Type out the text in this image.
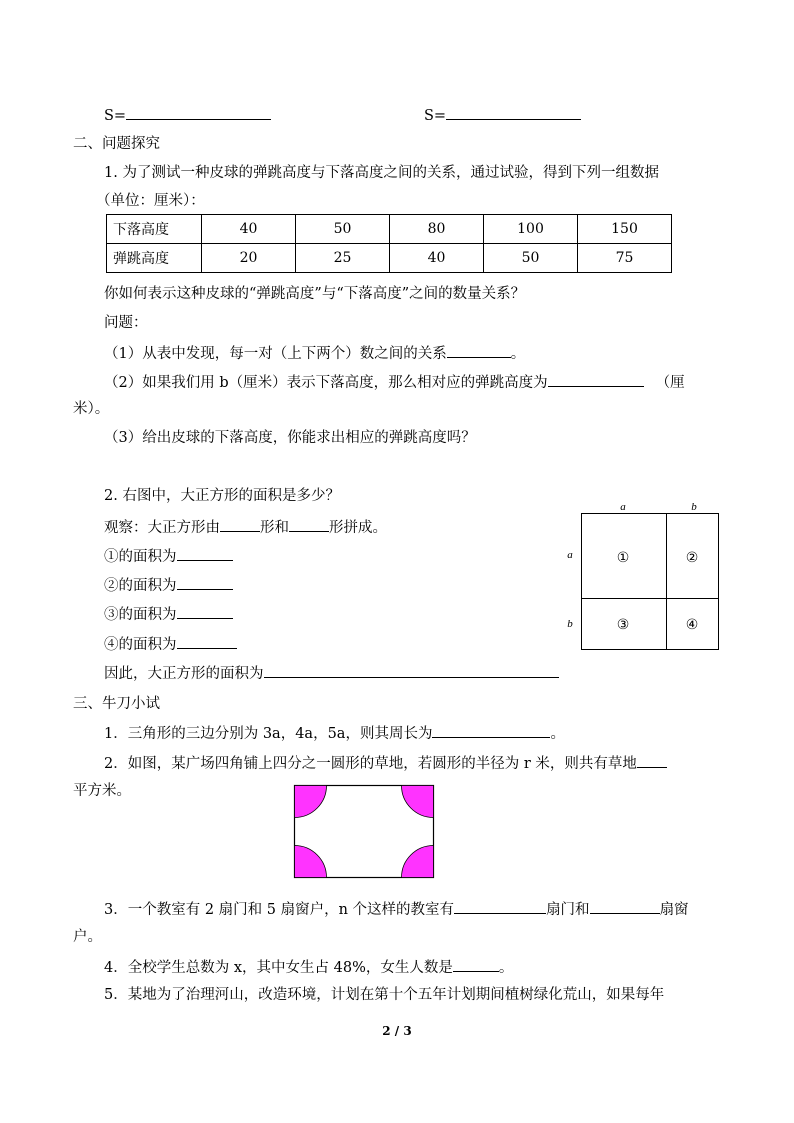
S=	S=
二、问题探究
1. 为了测试一种皮球的弹跳高度与下落高度之间的关系，通过试验，得到下列一组数据
（单位：厘米）：
下落高度	40	50	80	100	150
弹跳高度	20	25	40	50	75
你如何表示这种皮球的“弹跳高度”与“下落高度”之间的数量关系？
问题：
（1）从表中发现，每一对（上下两个）数之间的关系	。
（2）如果我们用 b（厘米）表示下落高度，那么相对应的弹跳高度为	（厘
米）。
（3）给出皮球的下落高度，你能求出相应的弹跳高度吗？
2. 右图中，大正方形的面积是多少？
观察：大正方形由	形和	形拼成。
①的面积为
②的面积为
③的面积为
④的面积为
因此，大正方形的面积为
a	b
a
b
①	②
③	④
三、牛刀小试
1．三角形的三边分别为 3a，4a，5a，则其周长为	。
2．如图，某广场四角铺上四分之一圆形的草地，若圆形的半径为 r 米，则共有草地
平方米。
3．一个教室有 2 扇门和 5 扇窗户，n 个这样的教室有	扇门和	扇窗
户。
4．全校学生总数为 x，其中女生占 48%，女生人数是	。
5．某地为了治理河山，改造环境，计划在第十个五年计划期间植树绿化荒山，如果每年
2 / 3
